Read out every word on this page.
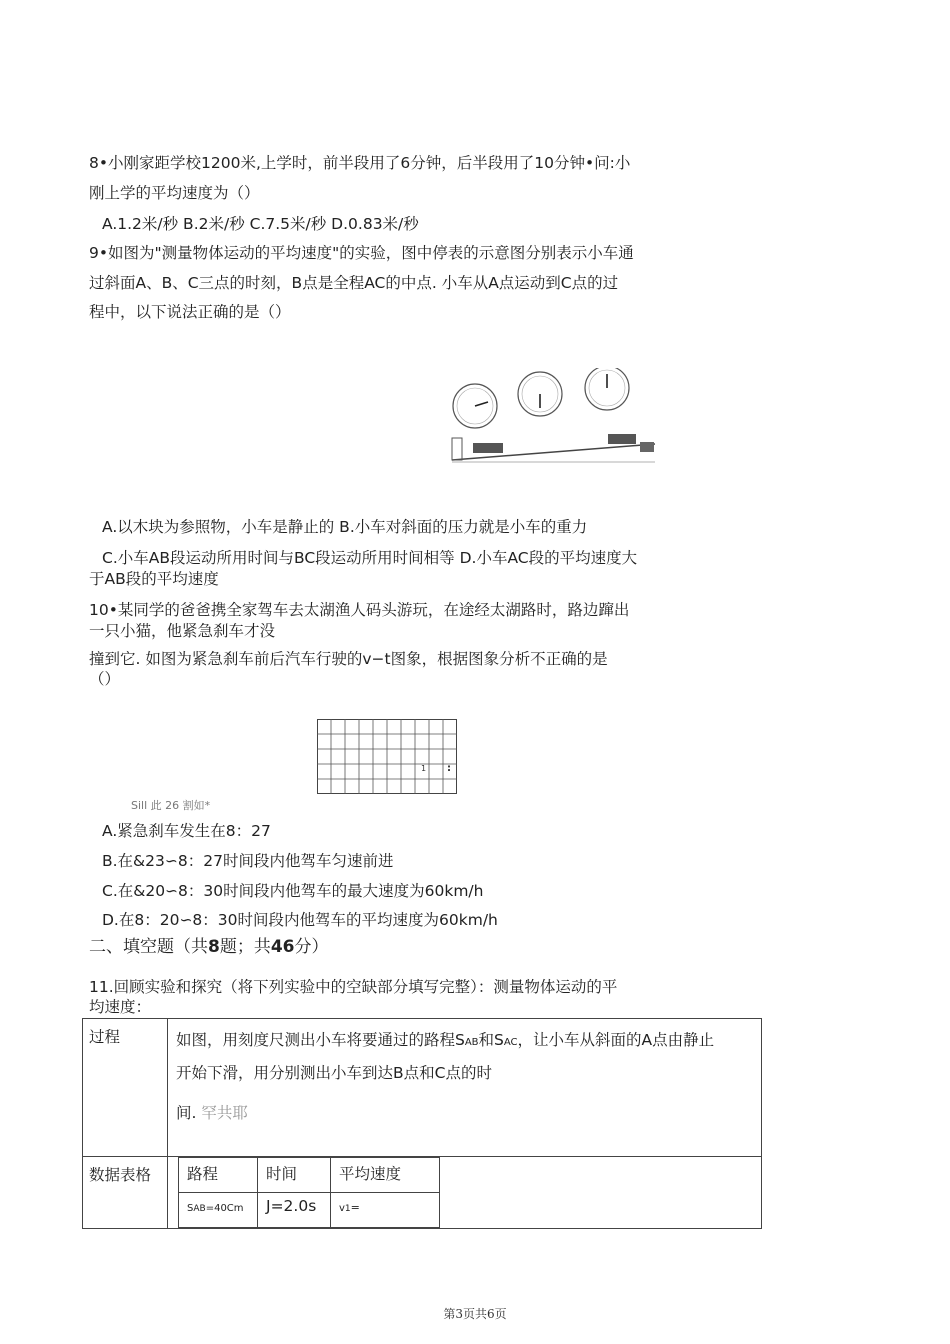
8•小刚家距学校1200米,上学时，前半段用了6分钟，后半段用了10分钟•问:小
刚上学的平均速度为（）
A.1.2米/秒 B.2米/秒 C.7.5米/秒 D.0.83米/秒
9•如图为"测量物体运动的平均速度"的实验，图中停表的示意图分别表示小车通
过斜面A、B、C三点的时刻，B点是全程AC的中点. 小车从A点运动到C点的过
程中，以下说法正确的是（）
A.以木块为参照物，小车是静止的 B.小车对斜面的压力就是小车的重力
C.小车AB段运动所用时间与BC段运动所用时间相等 D.小车AC段的平均速度大
于AB段的平均速度
10•某同学的爸爸携全家驾车去太湖渔人码头游玩，在途经太湖路时，路边蹿出
一只小猫，他紧急刹车才没
撞到它. 如图为紧急刹车前后汽车行驶的v−t图象，根据图象分析不正确的是
（）
1 :
Sill 此 26 割如*
A.紧急刹车发生在8：27
B.在&23∽8：27时间段内他驾车匀速前进
C.在&20∽8：30时间段内他驾车的最大速度为60km/h
D.在8：20∽8：30时间段内他驾车的平均速度为60km/h
二、填空题（共8题；共46分）
11.回顾实验和探究（将下列实验中的空缺部分填写完整）：测量物体运动的平
均速度：
过程	如图，用刻度尺测出小车将要通过的路程SAB和SAC，让小车从斜面的A点由静止
开始下滑，用分别测出小车到达B点和C点的时
间. 罕共耶

数据表格	路程	时间	平均速度
SAB=40Cm	J=2.0s	v1=
第3页共6页
